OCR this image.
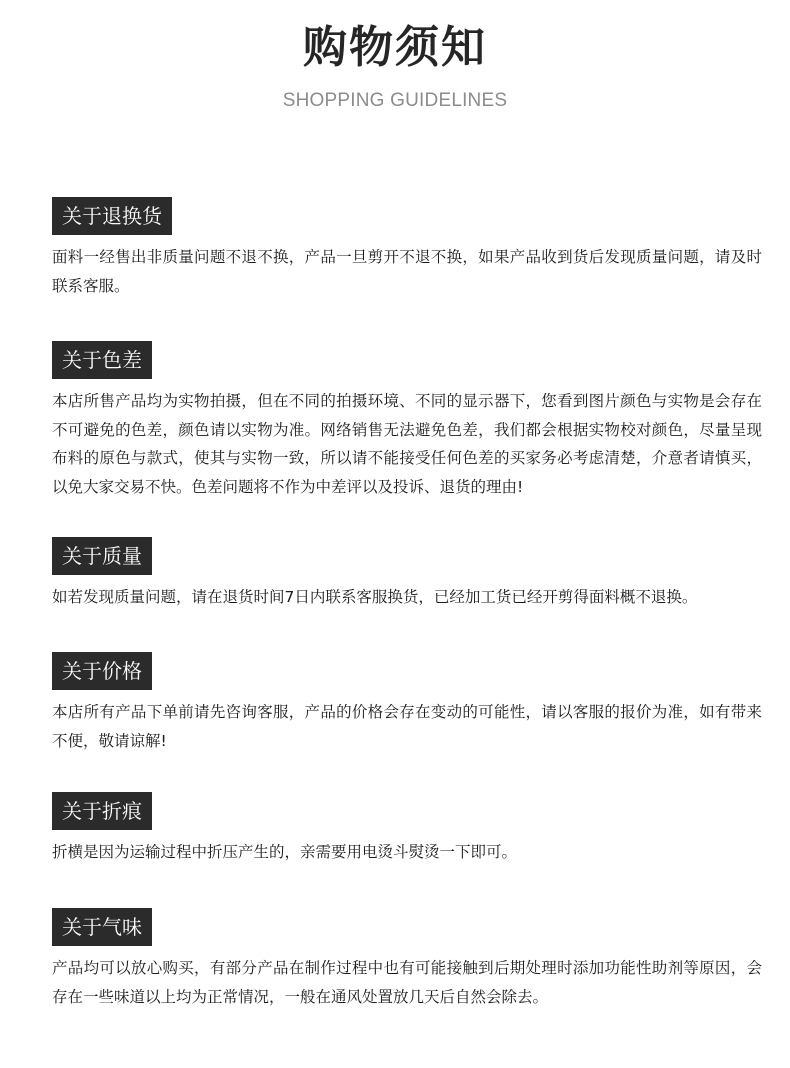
购物须知
SHOPPING GUIDELINES
关于退换货
面料一经售出非质量问题不退不换，产品一旦剪开不退不换，如果产品收到货后发现质量问题，请及时联系客服。
关于色差
本店所售产品均为实物拍摄，但在不同的拍摄环境、不同的显示器下，您看到图片颜色与实物是会存在不可避免的色差，颜色请以实物为准。网络销售无法避免色差，我们都会根据实物校对颜色，尽量呈现布料的原色与款式，使其与实物一致，所以请不能接受任何色差的买家务必考虑清楚，介意者请慎买，以免大家交易不快。色差问题将不作为中差评以及投诉、退货的理由!
关于质量
如若发现质量问题，请在退货时间7日内联系客服换货，已经加工货已经开剪得面料概不退换。
关于价格
本店所有产品下单前请先咨询客服，产品的价格会存在变动的可能性，请以客服的报价为准，如有带来不便，敬请谅解!
关于折痕
折横是因为运输过程中折压产生的，亲需要用电烫斗熨烫一下即可。
关于气味
产品均可以放心购买，有部分产品在制作过程中也有可能接触到后期处理时添加功能性助剂等原因，会存在一些味道以上均为正常情况，一般在通风处置放几天后自然会除去。
